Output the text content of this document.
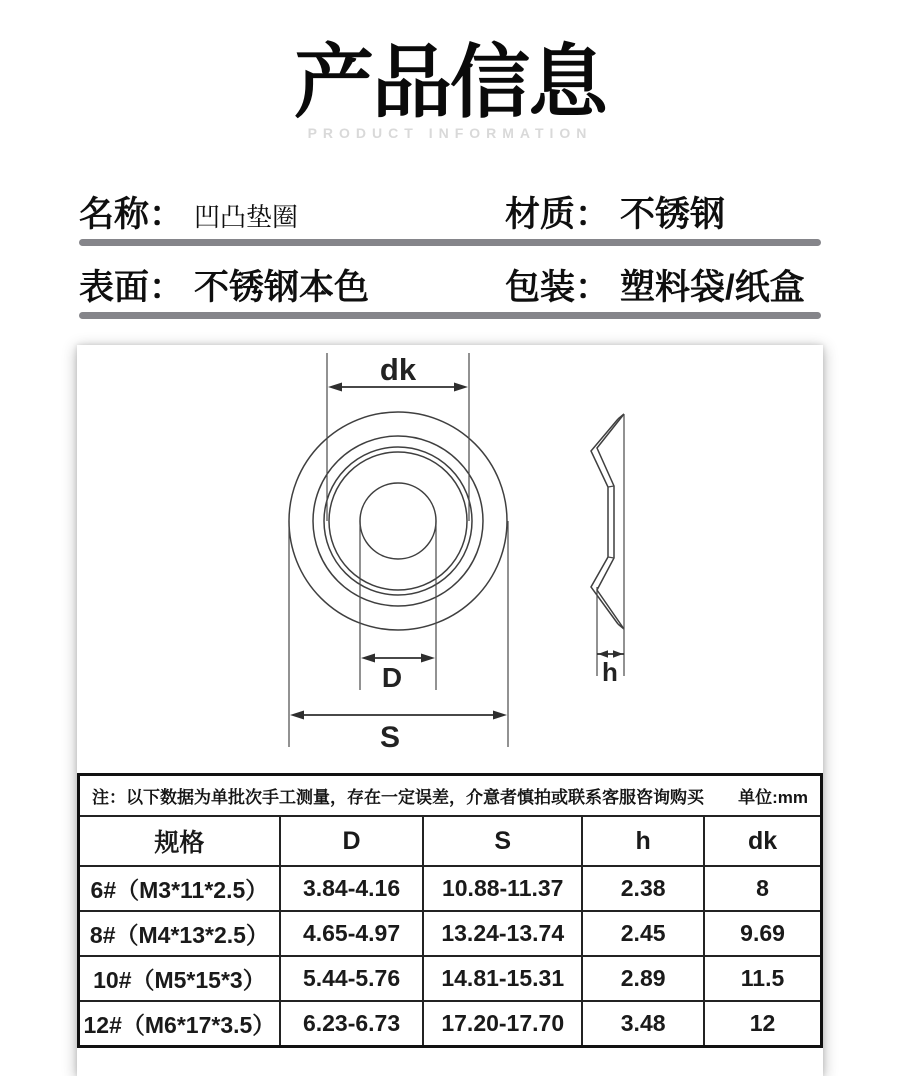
产品信息
PRODUCT INFORMATION
名称： 凹凸垫圈	材质： 不锈钢
表面： 不锈钢本色	包装： 塑料袋/纸盒
dk
D
S
h
注：以下数据为单批次手工测量，存在一定误差，介意者慎拍或联系客服咨询购买 单位:mm				

规格	D	S	h	dk
6#（M3*11*2.5）	3.84-4.16	10.88-11.37	2.38	8
8#（M4*13*2.5）	4.65-4.97	13.24-13.74	2.45	9.69
10#（M5*15*3）	5.44-5.76	14.81-15.31	2.89	11.5
12#（M6*17*3.5）	6.23-6.73	17.20-17.70	3.48	12
